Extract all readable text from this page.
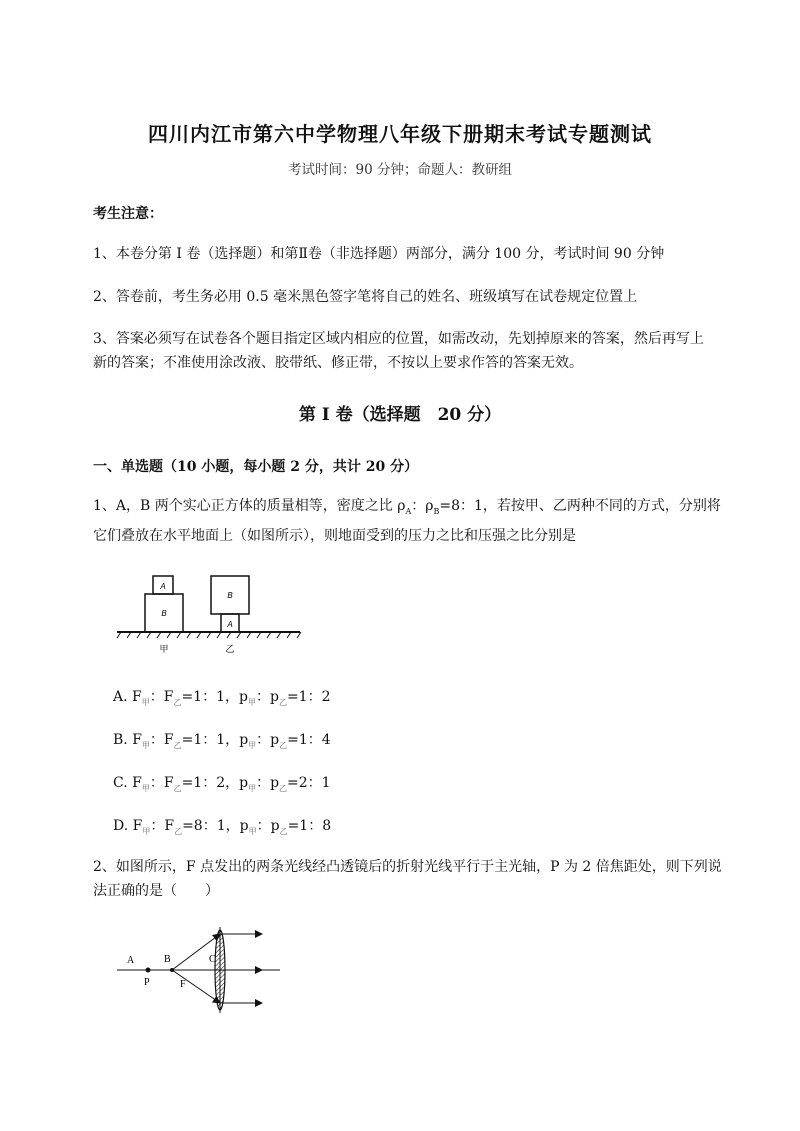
四川内江市第六中学物理八年级下册期末考试专题测试
考试时间：90 分钟；命题人：教研组
考生注意：
1、本卷分第 I 卷（选择题）和第Ⅱ卷（非选择题）两部分，满分 100 分，考试时间 90 分钟
2、答卷前，考生务必用 0.5 毫米黑色签字笔将自己的姓名、班级填写在试卷规定位置上
3、答案必须写在试卷各个题目指定区域内相应的位置，如需改动，先划掉原来的答案，然后再写上新的答案；不准使用涂改液、胶带纸、修正带，不按以上要求作答的答案无效。
第 I 卷（选择题　20 分）
一、单选题（10 小题，每小题 2 分，共计 20 分）
1、A，B 两个实心正方体的质量相等，密度之比 $\rho_A$：$\rho_B=8$：1，若按甲、乙两种不同的方式，分别将它们叠放在水平地面上（如图所示），则地面受到的压力之比和压强之比分别是
A
B
B
A
甲	乙
A. $F_甲$：$F_乙=1$：1，$p_甲$：$p_乙=1$：2
B. $F_甲$：$F_乙=1$：1，$p_甲$：$p_乙=1$：4
C. $F_甲$：$F_乙=1$：2，$p_甲$：$p_乙=2$：1
D. $F_甲$：$F_乙=8$：1，$p_甲$：$p_乙=1$：8
2、如图所示，F 点发出的两条光线经凸透镜后的折射光线平行于主光轴，P 为 2 倍焦距处，则下列说法正确的是（　　）
A
P
B
F
C
